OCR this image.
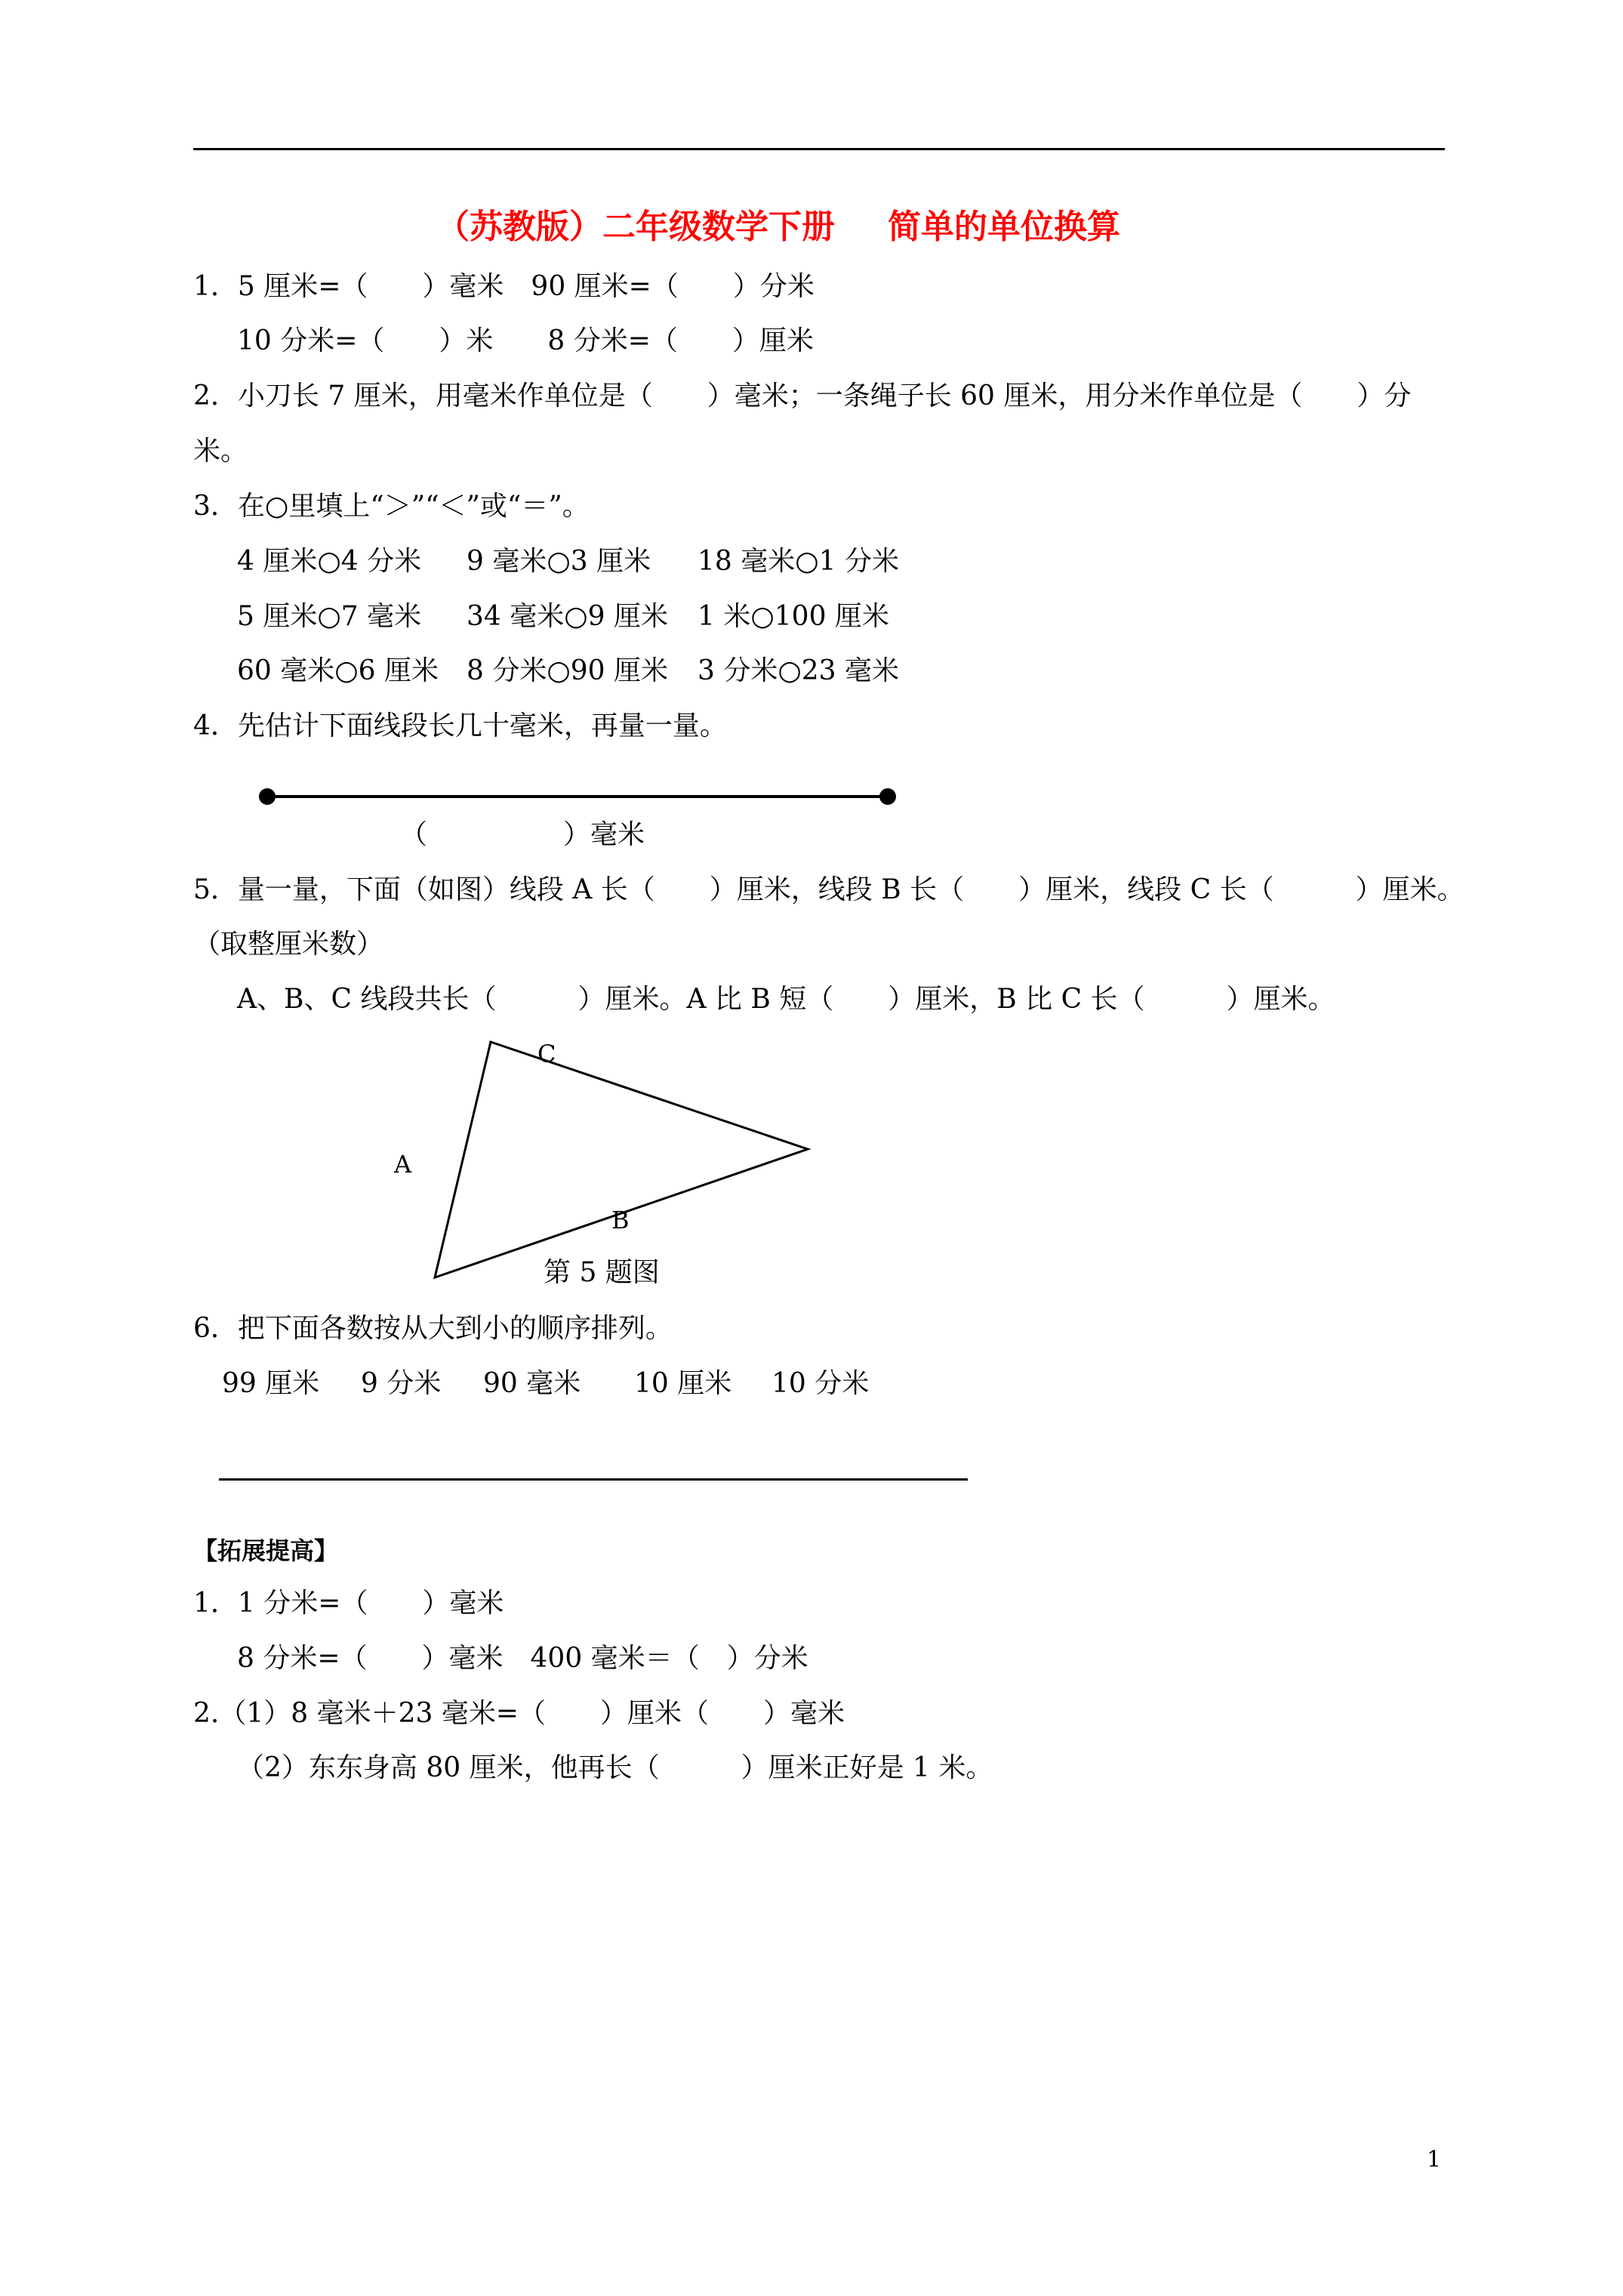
（苏教版）二年级数学下册 简单的单位换算
1．5 厘米=（　　）毫米　90 厘米=（　　）分米
10 分米=（　　）米　　8 分米=（　　）厘米
2．小刀长 7 厘米，用毫米作单位是（　　）毫米；一条绳子长 60 厘米，用分米作单位是（　　）分
米。
3．在○里填上“＞”“＜”或“＝”。
4 厘米○4 分米 9 毫米○3 厘米 18 毫米○1 分米
5 厘米○7 毫米 34 毫米○9 厘米 1 米○100 厘米
60 毫米○6 厘米 8 分米○90 厘米 3 分米○23 毫米
4．先估计下面线段长几十毫米，再量一量。
（　　　　　）毫米
5．量一量，下面（如图）线段 A 长（　　）厘米，线段 B 长（　　）厘米，线段 C 长（　　　）厘米。
（取整厘米数）
A、B、C 线段共长（　　　）厘米。A 比 B 短（　　）厘米，B 比 C 长（　　　）厘米。
C
A
B
第 5 题图
6．把下面各数按从大到小的顺序排列。
99 厘米 9 分米 90 毫米 10 厘米 10 分米
【拓展提高】
1．1 分米=（　　）毫米
8 分米=（　　）毫米　400 毫米＝（　）分米
2.（1）8 毫米＋23 毫米=（　　）厘米（　　）毫米
（2）东东身高 80 厘米，他再长（　　　）厘米正好是 1 米。
1
